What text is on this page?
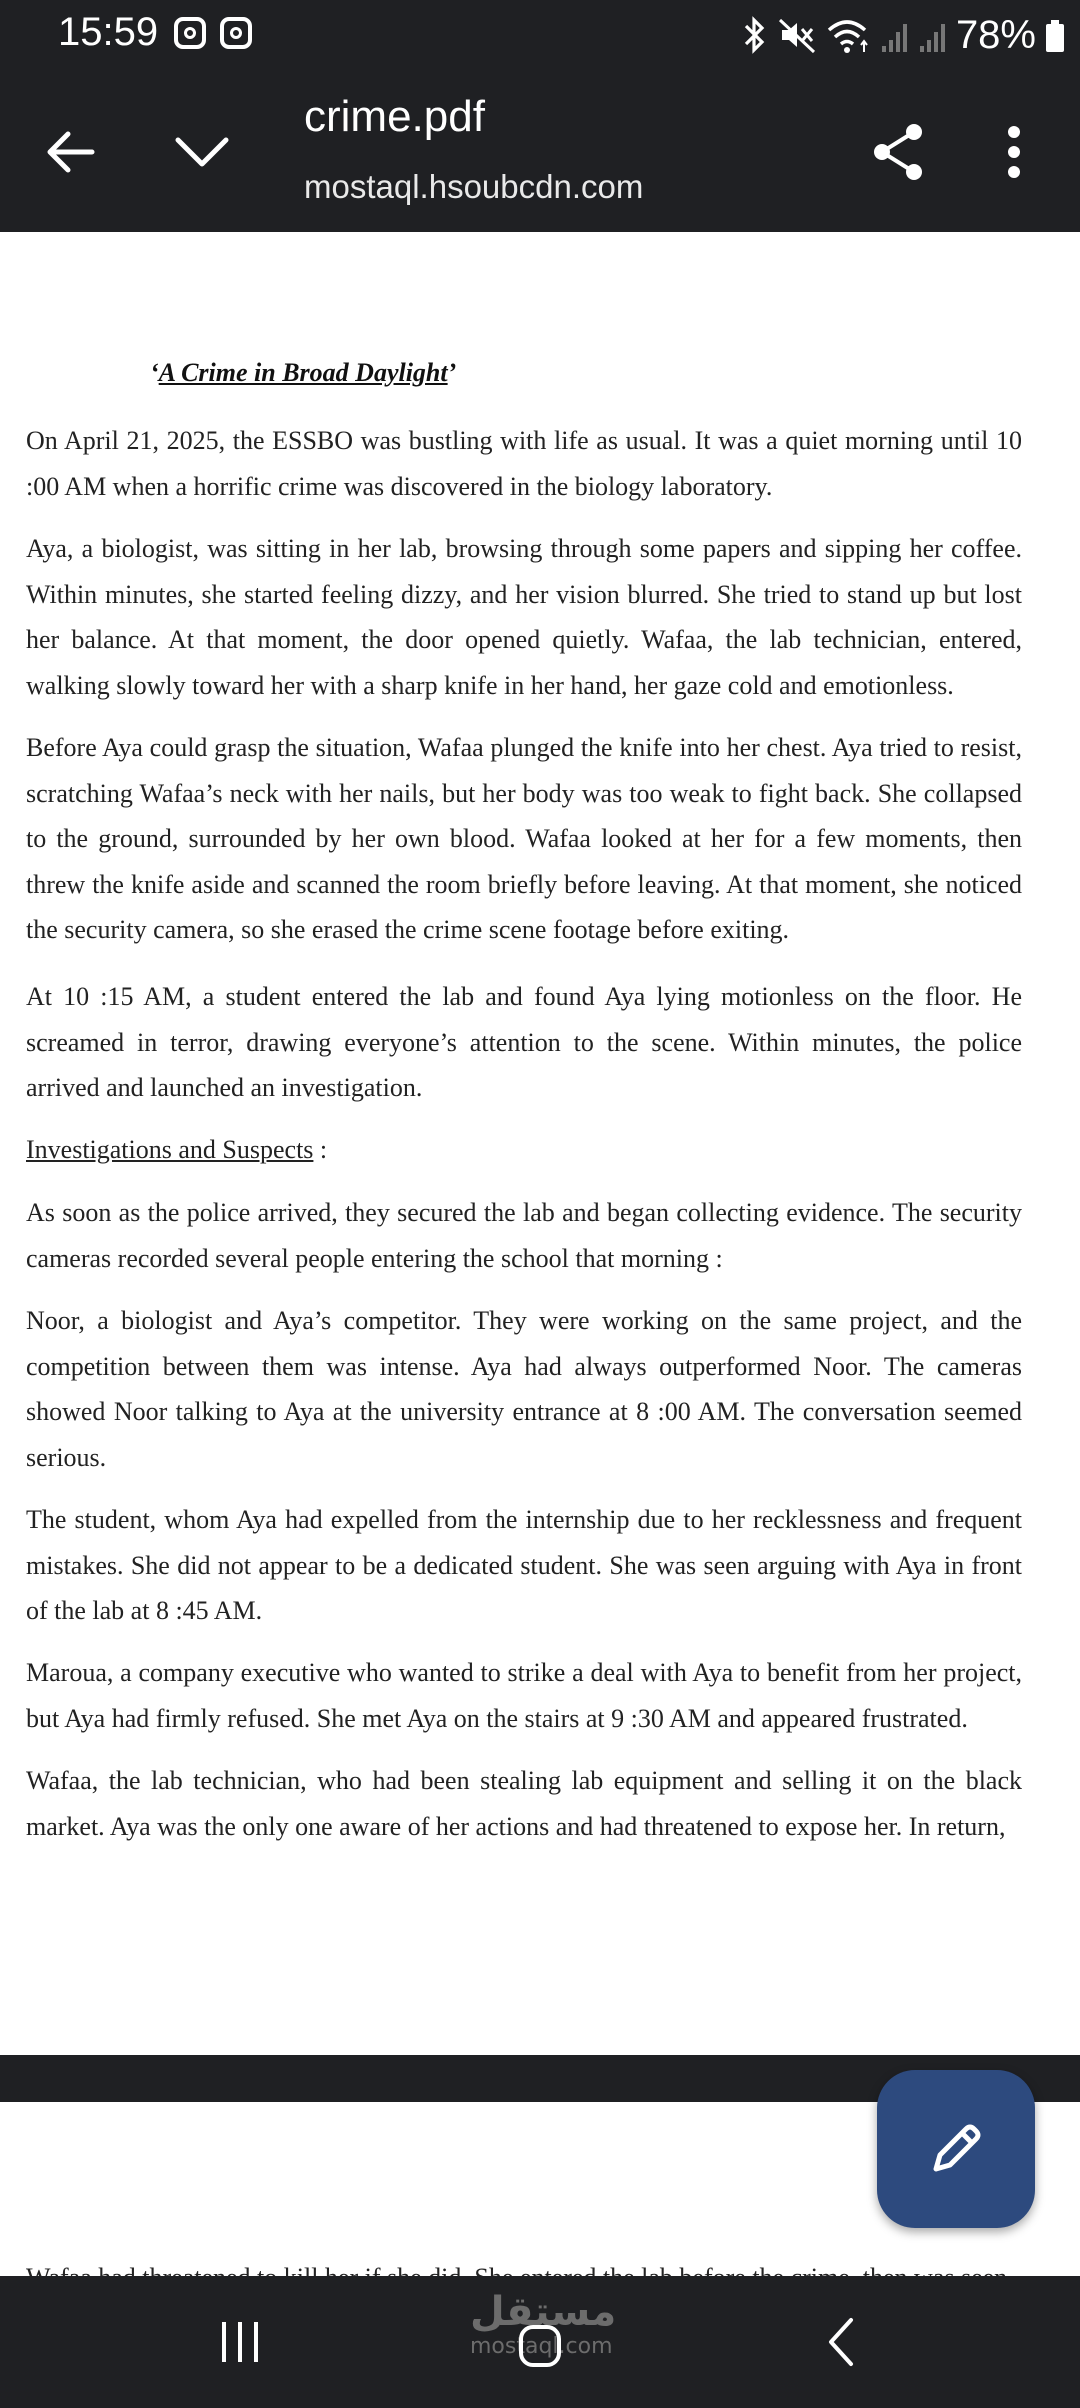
15:59	78%
crime.pdf
mostaql.hsoubcdn.com
‘A Crime in Broad Daylight’

On April 21, 2025, the ESSBO was bustling with life as usual. It was a quiet morning until 10 :00 AM when a horrific crime was discovered in the biology laboratory.

Aya, a biologist, was sitting in her lab, browsing through some papers and sipping her coffee. Within minutes, she started feeling dizzy, and her vision blurred. She tried to stand up but lost her balance. At that moment, the door opened quietly. Wafaa, the lab technician, entered, walking slowly toward her with a sharp knife in her hand, her gaze cold and emotionless.

Before Aya could grasp the situation, Wafaa plunged the knife into her chest. Aya tried to resist, scratching Wafaa’s neck with her nails, but her body was too weak to fight back. She collapsed to the ground, surrounded by her own blood. Wafaa looked at her for a few moments, then threw the knife aside and scanned the room briefly before leaving. At that moment, she noticed the security camera, so she erased the crime scene footage before exiting.

At 10 :15 AM, a student entered the lab and found Aya lying motionless on the floor. He screamed in terror, drawing everyone’s attention to the scene. Within minutes, the police arrived and launched an investigation.

Investigations and Suspects :

As soon as the police arrived, they secured the lab and began collecting evidence. The security cameras recorded several people entering the school that morning :

Noor, a biologist and Aya’s competitor. They were working on the same project, and the competition between them was intense. Aya had always outperformed Noor. The cameras showed Noor talking to Aya at the university entrance at 8 :00 AM. The conversation seemed serious.

The student, whom Aya had expelled from the internship due to her recklessness and frequent mistakes. She did not appear to be a dedicated student. She was seen arguing with Aya in front of the lab at 8 :45 AM.

Maroua, a company executive who wanted to strike a deal with Aya to benefit from her project, but Aya had firmly refused. She met Aya on the stairs at 9 :30 AM and appeared frustrated.

Wafaa, the lab technician, who had been stealing lab equipment and selling it on the black market. Aya was the only one aware of her actions and had threatened to expose her. In return,

مستقل
mostaql.com
